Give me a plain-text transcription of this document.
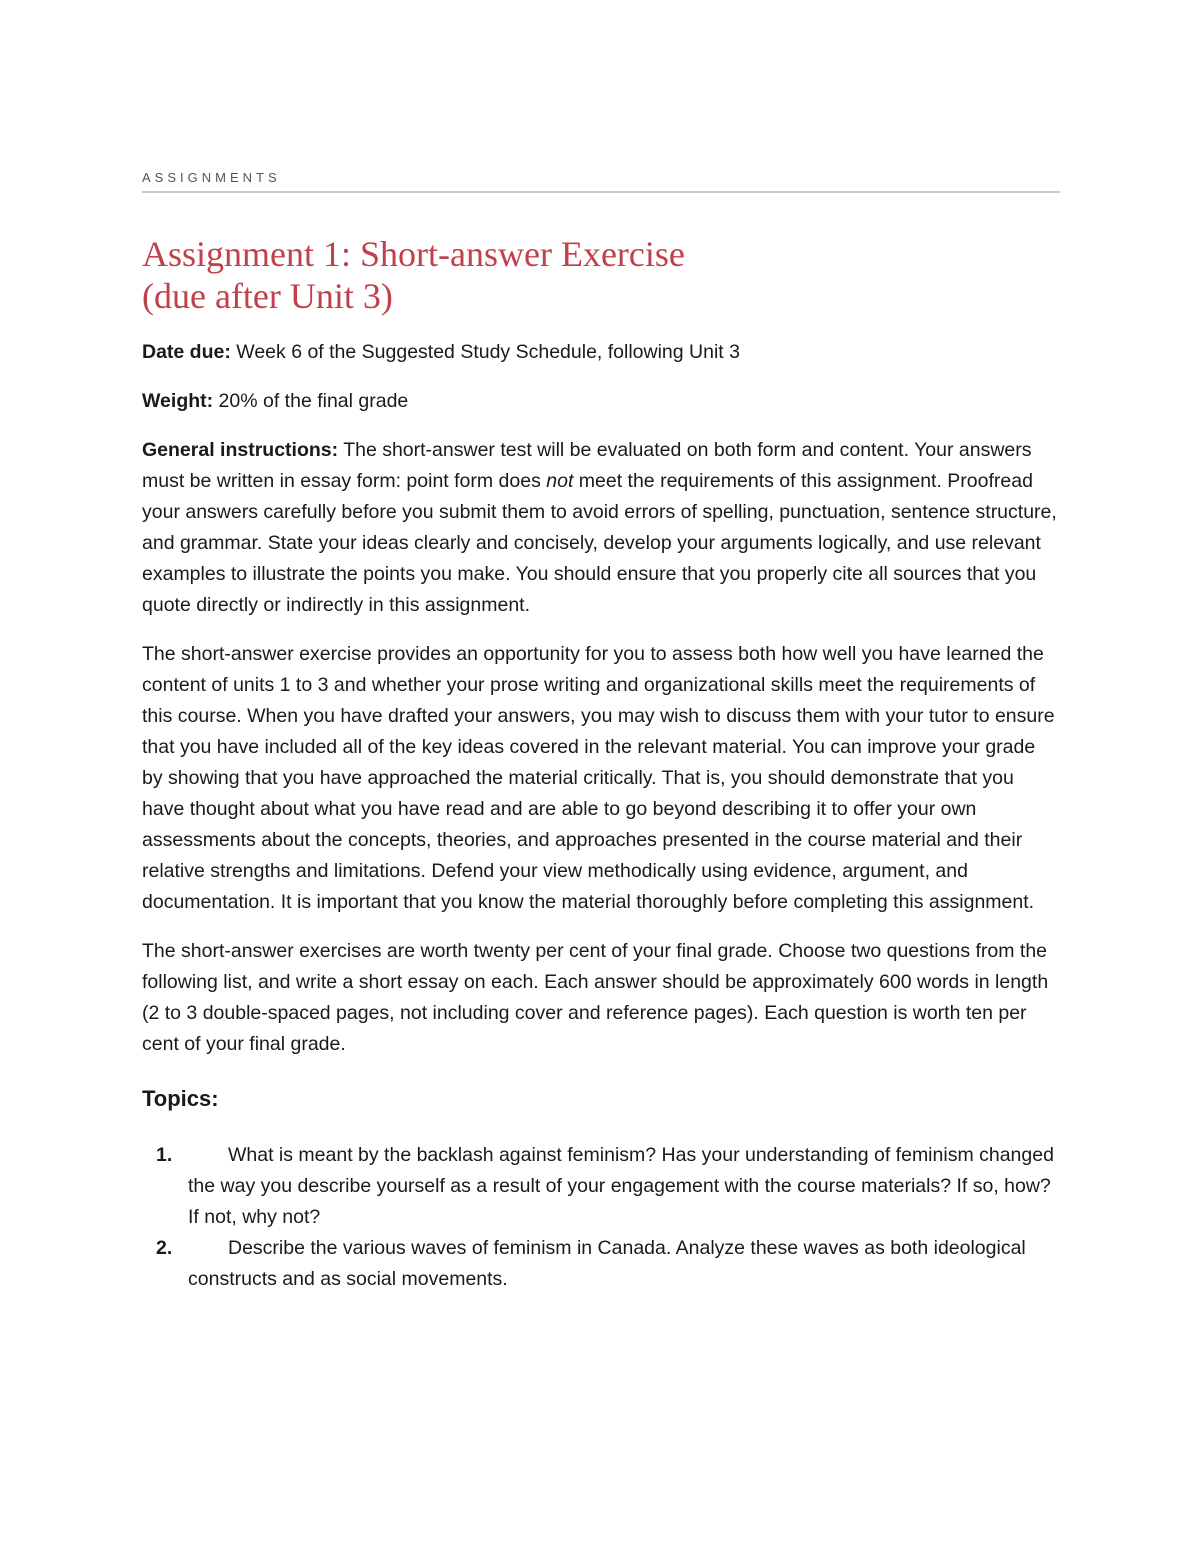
ASSIGNMENTS
Assignment 1: Short-answer Exercise
(due after Unit 3)

Date due: Week 6 of the Suggested Study Schedule, following Unit 3

Weight: 20% of the final grade

General instructions: The short-answer test will be evaluated on both form and content. Your answers must be written in essay form: point form does not meet the requirements of this assignment. Proofread your answers carefully before you submit them to avoid errors of spelling, punctuation, sentence structure, and grammar. State your ideas clearly and concisely, develop your arguments logically, and use relevant examples to illustrate the points you make. You should ensure that you properly cite all sources that you quote directly or indirectly in this assignment.

The short-answer exercise provides an opportunity for you to assess both how well you have learned the content of units 1 to 3 and whether your prose writing and organizational skills meet the requirements of this course. When you have drafted your answers, you may wish to discuss them with your tutor to ensure that you have included all of the key ideas covered in the relevant material. You can improve your grade by showing that you have approached the material critically. That is, you should demonstrate that you have thought about what you have read and are able to go beyond describing it to offer your own assessments about the concepts, theories, and approaches presented in the course material and their relative strengths and limitations. Defend your view methodically using evidence, argument, and documentation. It is important that you know the material thoroughly before completing this assignment.

The short-answer exercises are worth twenty per cent of your final grade. Choose two questions from the following list, and write a short essay on each. Each answer should be approximately 600 words in length (2 to 3 double-spaced pages, not including cover and reference pages). Each question is worth ten per cent of your final grade.

Topics:
1.	What is meant by the backlash against feminism? Has your understanding of feminism changed the way you describe yourself as a result of your engagement with the course materials? If so, how? If not, why not?
2.	Describe the various waves of feminism in Canada. Analyze these waves as both ideological constructs and as social movements.
